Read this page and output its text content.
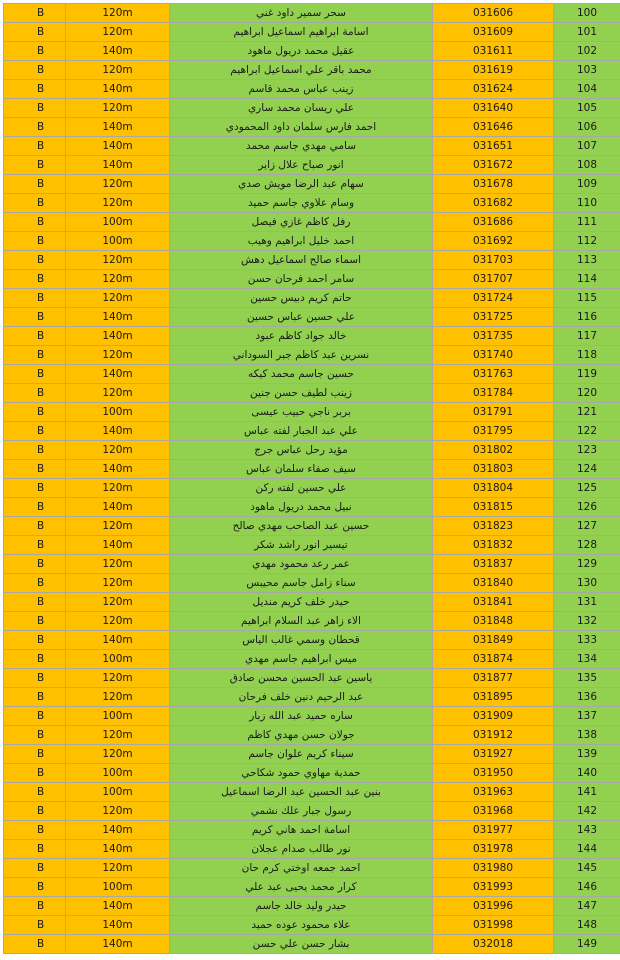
B	120m	سحر سمير داود غني	031606	100
B	120m	اسامة ابراهيم اسماعيل ابراهيم	031609	101
B	140m	عقيل محمد دريول ماهود	031611	102
B	120m	محمد باقر علي اسماعيل ابراهيم	031619	103
B	140m	زينب عباس محمد قاسم	031624	104
B	120m	علي ريسان محمد ساري	031640	105
B	140m	احمد فارس سلمان داود المحمودي	031646	106
B	140m	سامي مهدي جاسم محمد	031651	107
B	140m	انور صباح علال زاير	031672	108
B	120m	سهام عبد الرضا مويش صدي	031678	109
B	120m	وسام علاوي جاسم حميد	031682	110
B	100m	رفل كاظم غازي فيصل	031686	111
B	100m	احمد خليل ابراهيم وهيب	031692	112
B	120m	اسماء صالح اسماعيل دهش	031703	113
B	120m	سامر احمد فرحان حسن	031707	114
B	120m	حاتم كريم دبيس حسين	031724	115
B	140m	علي حسين عباس حسين	031725	116
B	140m	خالد جواد كاظم عبود	031735	117
B	120m	نسرين عبد كاظم جبر السوداني	031740	118
B	140m	حسين جاسم محمد كيكه	031763	119
B	120m	زينب لطيف حسن جنين	031784	120
B	100m	بربر ناجي حبيب عيسى	031791	121
B	140m	علي عبد الجبار لفته عباس	031795	122
B	120m	مؤيد رحل عباس جرج	031802	123
B	140m	سيف صفاء سلمان عباس	031803	124
B	120m	علي حسين لفته ركن	031804	125
B	140m	نبيل محمد دريول ماهود	031815	126
B	120m	حسين عبد الصاحب مهدي صالح	031823	127
B	140m	تيسير انور راشد شكر	031832	128
B	120m	عمر رعد محمود مهدي	031837	129
B	120m	سناء زامل جاسم محيبس	031840	130
B	120m	حيدر خلف كريم منديل	031841	131
B	120m	الاء زاهر عبد السلام ابراهيم	031848	132
B	140m	قحطان وسمي غالب الياس	031849	133
B	100m	ميس ابراهيم جاسم مهدي	031874	134
B	120m	ياسين عبد الحسين محسن صادق	031877	135
B	120m	عبد الرحيم دنين خلف فرحان	031895	136
B	100m	ساره حميد عبد الله زبار	031909	137
B	120m	جولان حسن مهدي كاظم	031912	138
B	120m	سيناء كريم علوان جاسم	031927	139
B	100m	حمدية مهاوي حمود شكاحي	031950	140
B	100m	بنين عبد الحسين عبد الرضا اسماعيل	031963	141
B	120m	رسول جبار علك نشمي	031968	142
B	140m	اسامة احمد هاني كريم	031977	143
B	140m	نور طالب صدام عجلان	031978	144
B	120m	احمد جمعه اوختي كرم حان	031980	145
B	100m	كرار محمد يحيى عبد علي	031993	146
B	140m	حيدر وليد خالد جاسم	031996	147
B	140m	علاء محمود عوده حميد	031998	148
B	140m	بشار حسن علي حسن	032018	149
